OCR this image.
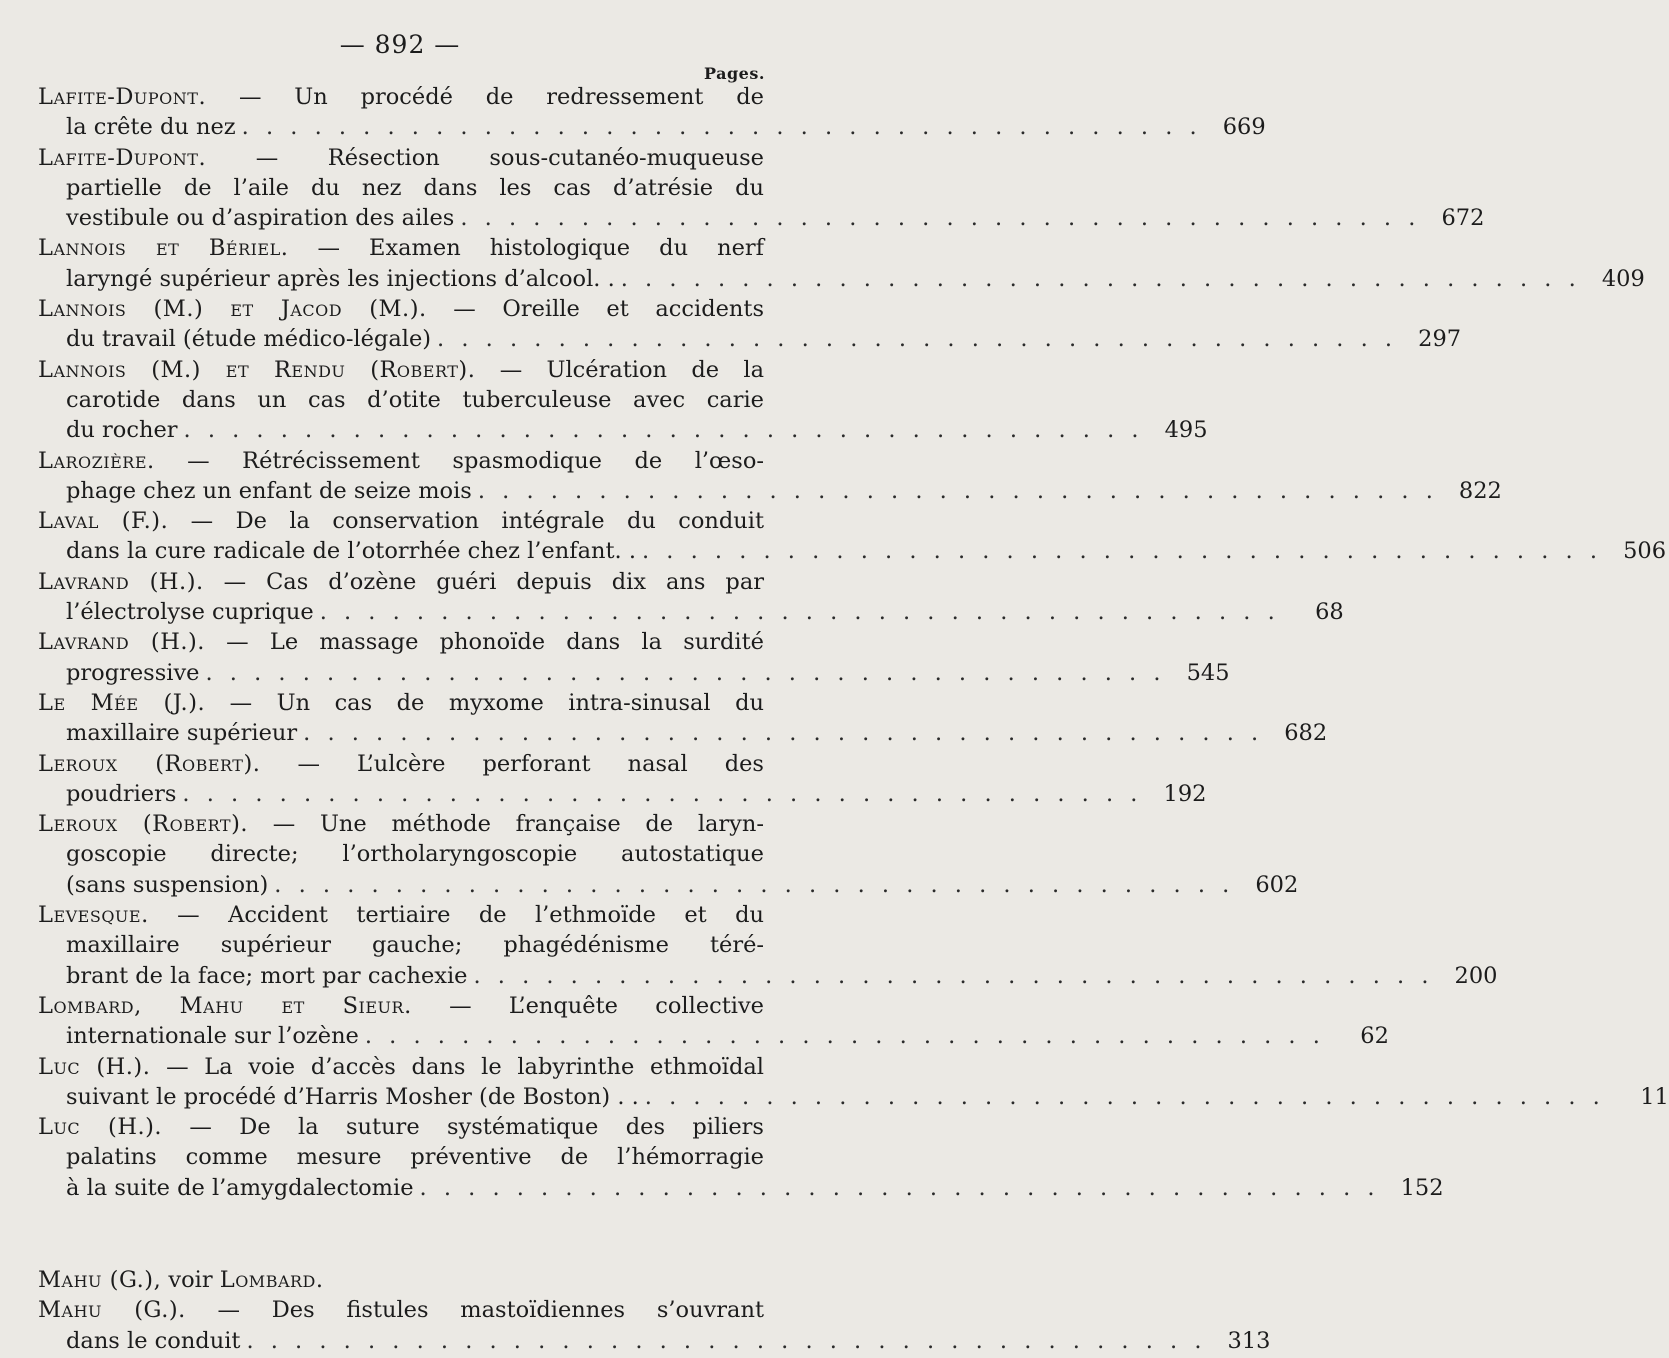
— 892 —
Pages.
Lafite-Dupont. — Un procédé de redressement de
la crête du nez . . . . . . . . . . . . . . . . . . . . . . . . . . . . . . . . . . . . . . . . 669
Lafite-Dupont. — Résection sous-cutanéo-muqueuse
partielle de l’aile du nez dans les cas d’atrésie du
vestibule ou d’aspiration des ailes . . . . . . . . . . . . . . . . . . . . . . . . . . . . . . . . . . . . . . . . 672
Lannois et Bériel. — Examen histologique du nerf
laryngé supérieur après les injections d’alcool. . . . . . . . . . . . . . . . . . . . . . . . . . . . . . . . . . . . . . . . . . 409
Lannois (M.) et Jacod (M.). — Oreille et accidents
du travail (étude médico-légale) . . . . . . . . . . . . . . . . . . . . . . . . . . . . . . . . . . . . . . . . 297
Lannois (M.) et Rendu (Robert). — Ulcération de la
carotide dans un cas d’otite tuberculeuse avec carie
du rocher . . . . . . . . . . . . . . . . . . . . . . . . . . . . . . . . . . . . . . . . 495
Larozière. — Rétrécissement spasmodique de l’œso-
phage chez un enfant de seize mois . . . . . . . . . . . . . . . . . . . . . . . . . . . . . . . . . . . . . . . . 822
Laval (F.). — De la conservation intégrale du conduit
dans la cure radicale de l’otorrhée chez l’enfant. . . . . . . . . . . . . . . . . . . . . . . . . . . . . . . . . . . . . . . . . . 506
Lavrand (H.). — Cas d’ozène guéri depuis dix ans par
l’électrolyse cuprique . . . . . . . . . . . . . . . . . . . . . . . . . . . . . . . . . . . . . . . .	68
Lavrand (H.). — Le massage phonoïde dans la surdité
progressive . . . . . . . . . . . . . . . . . . . . . . . . . . . . . . . . . . . . . . . . 545
Le Mée (J.). — Un cas de myxome intra-sinusal du
maxillaire supérieur . . . . . . . . . . . . . . . . . . . . . . . . . . . . . . . . . . . . . . . . 682
Leroux (Robert). — L’ulcère perforant nasal des
poudriers . . . . . . . . . . . . . . . . . . . . . . . . . . . . . . . . . . . . . . . . 192
Leroux (Robert). — Une méthode française de laryn-
goscopie directe; l’ortholaryngoscopie autostatique
(sans suspension) . . . . . . . . . . . . . . . . . . . . . . . . . . . . . . . . . . . . . . . . 602
Levesque. — Accident tertiaire de l’ethmoïde et du
maxillaire supérieur gauche; phagédénisme téré-
brant de la face; mort par cachexie . . . . . . . . . . . . . . . . . . . . . . . . . . . . . . . . . . . . . . . . 200
Lombard, Mahu et Sieur. — L’enquête collective
internationale sur l’ozène . . . . . . . . . . . . . . . . . . . . . . . . . . . . . . . . . . . . . . . .	62
Luc (H.). — La voie d’accès dans le labyrinthe ethmoïdal
suivant le procédé d’Harris Mosher (de Boston) . . . . . . . . . . . . . . . . . . . . . . . . . . . . . . . . . . . . . . . . . .	11
Luc (H.). — De la suture systématique des piliers
palatins comme mesure préventive de l’hémorragie
à la suite de l’amygdalectomie . . . . . . . . . . . . . . . . . . . . . . . . . . . . . . . . . . . . . . . . 152
Mahu (G.), voir Lombard.
Mahu (G.). — Des fistules mastoïdiennes s’ouvrant
dans le conduit . . . . . . . . . . . . . . . . . . . . . . . . . . . . . . . . . . . . . . . . 313
